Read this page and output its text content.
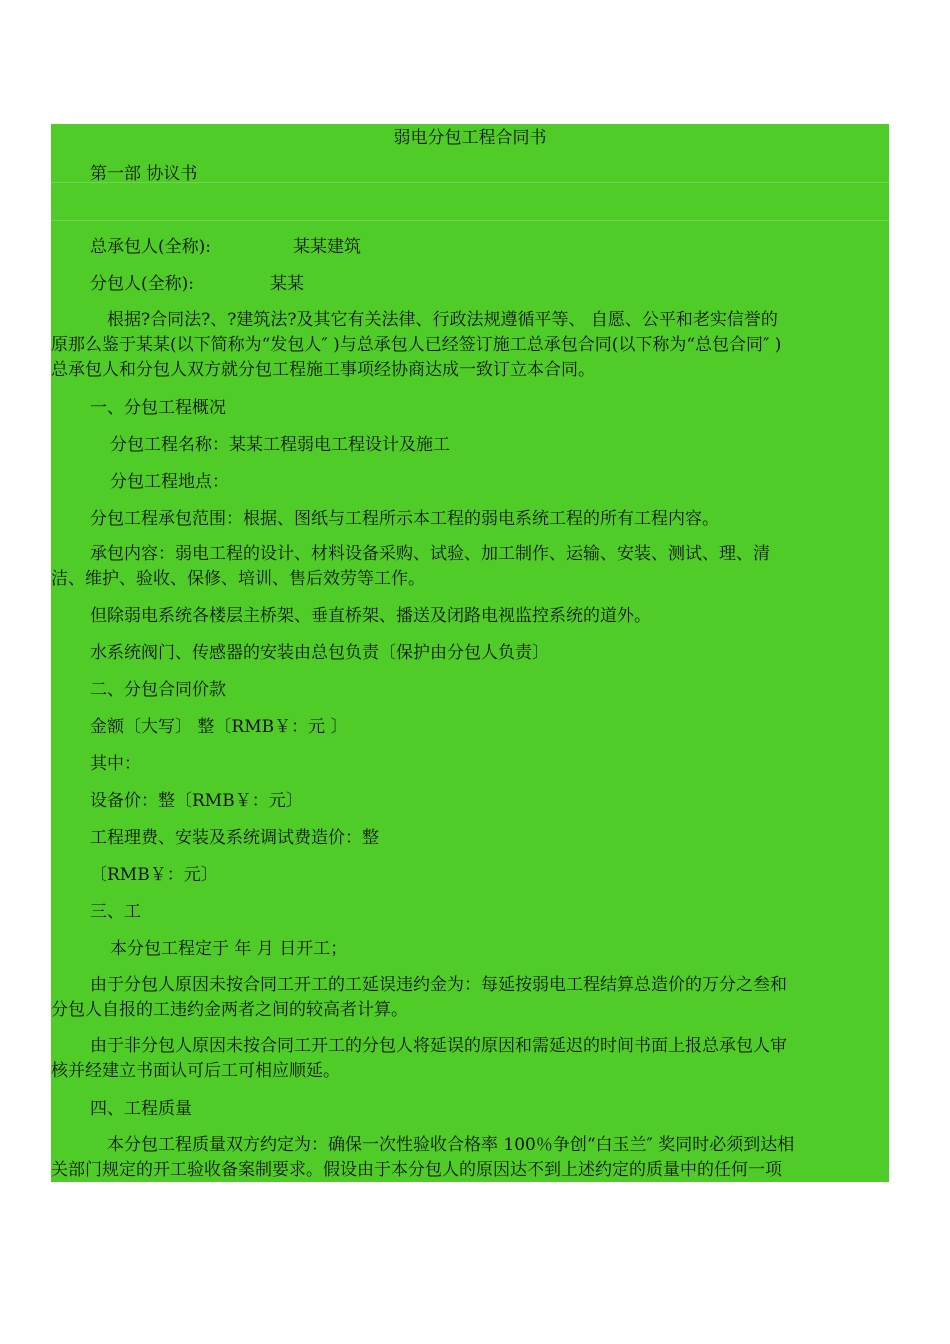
弱电分包工程合同书
第一部 协议书
总承包人(全称):	某某建筑
分包人(全称):	某某
根据?合同法?、?建筑法?及其它有关法律、行政法规遵循平等、 自愿、公平和老实信誉的
原那么鉴于某某(以下简称为“发包人″ )与总承包人已经签订施工总承包合同(以下称为“总包合同″ )
总承包人和分包人双方就分包工程施工事项经协商达成一致订立本合同。
一、分包工程概况
分包工程名称：某某工程弱电工程设计及施工
分包工程地点：
分包工程承包范围：根据、图纸与工程所示本工程的弱电系统工程的所有工程内容。
承包内容：弱电工程的设计、材料设备采购、试验、加工制作、运输、安装、测试、理、清
洁、维护、验收、保修、培训、售后效劳等工作。
但除弱电系统各楼层主桥架、垂直桥架、播送及闭路电视监控系统的道外。
水系统阀门、传感器的安装由总包负责〔保护由分包人负责〕
二、分包合同价款
金额〔大写〕 整〔RMB￥：元 〕
其中：
设备价：整〔RMB￥：元〕
工程理费、安装及系统调试费造价：整
〔RMB￥：元〕
三、工
本分包工程定于 年 月 日开工；
由于分包人原因未按合同工开工的工延误违约金为：每延按弱电工程结算总造价的万分之叁和
分包人自报的工违约金两者之间的较高者计算。
由于非分包人原因未按合同工开工的分包人将延误的原因和需延迟的时间书面上报总承包人审
核并经建立书面认可后工可相应顺延。
四、工程质量
本分包工程质量双方约定为：确保一次性验收合格率 100％争创“白玉兰″ 奖同时必须到达相
关部门规定的开工验收备案制要求。假设由于本分包人的原因达不到上述约定的质量中的任何一项
